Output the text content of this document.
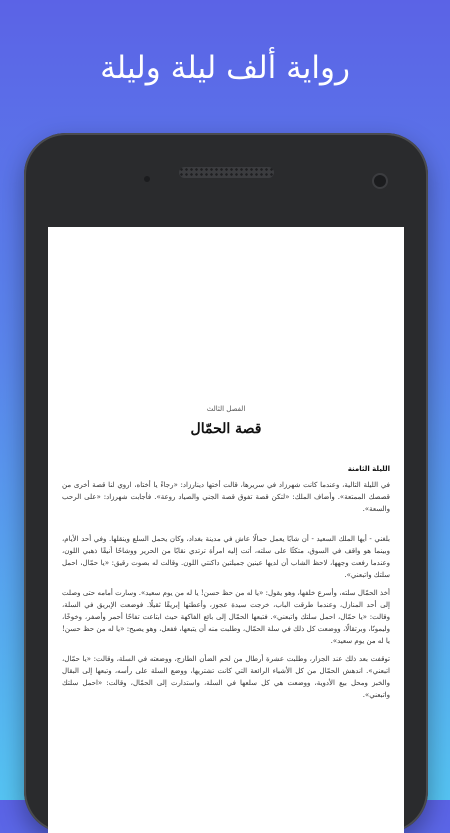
رواية ألف ليلة وليلة
الفصل الثالث
قصة الحمّال
الليلة الثامنة

في الليلة التالية، وعندما كانت شهرزاد في سريرها، قالت أختها دينارزاد: «رجاءً يا أختاه، اروي لنا قصة أخرى من قصصك الممتعة». وأضاف الملك: «لتكن قصة تفوق قصة الجني والصياد روعة». فأجابت شهرزاد: «على الرحب والسعة».

بلغني - أيها الملك السعيد - أن شابًا يعمل حمالًا عاش في مدينة بغداد، وكان يحمل السلع وينقلها. وفي أحد الأيام، وبينما هو واقف في السوق، متكئًا على سلته، أتت إليه امرأة ترتدي نقابًا من الحرير ووشاحًا أنيقًا ذهبي اللون، وعندما رفعت وجهها، لاحظ الشاب أن لديها عينين جميلتين داكنتي اللون. وقالت له بصوت رقيق: «يا حمّال، احمل سلتك واتبعني».

أخذ الحمّال سلته، وأسرع خلفها، وهو يقول: «يا له من حظ حسن! يا له من يوم سعيد». وسارت أمامه حتى وصلت إلى أحد المنازل، وعندما طرقت الباب، خرجت سيدة عجوز، وأعطتها إبريقًا ثقيلًا. فوضعت الإبريق في السلة، وقالت: «يا حمّال، احمل سلتك واتبعني». فتبعها الحمّال إلى بائع الفاكهة حيث ابتاعت تفاحًا أحمر وأصفر، وخوخًا، وليمونًا، وبرتقالًا، ووضعت كل ذلك في سلة الحمّال، وطلبت منه أن يتبعها، ففعل، وهو يصيح: «يا له من حظ حسن! يا له من يوم سعيد».

توقفت بعد ذلك عند الجزار، وطلبت عشرة أرطال من لحم الضأن الطازج، ووضعته في السلة، وقالت: «يا حمّال، اتبعني». اندهش الحمّال من كل الأشياء الرائعة التي كانت تشتريها، ووضع السلة على رأسه، وتبعها إلى البقال والخبز ومحل بيع الأدوية، ووضعت هي كل سلعها في السلة، واستدارت إلى الحمّال، وقالت: «احمل سلتك واتبعني».
